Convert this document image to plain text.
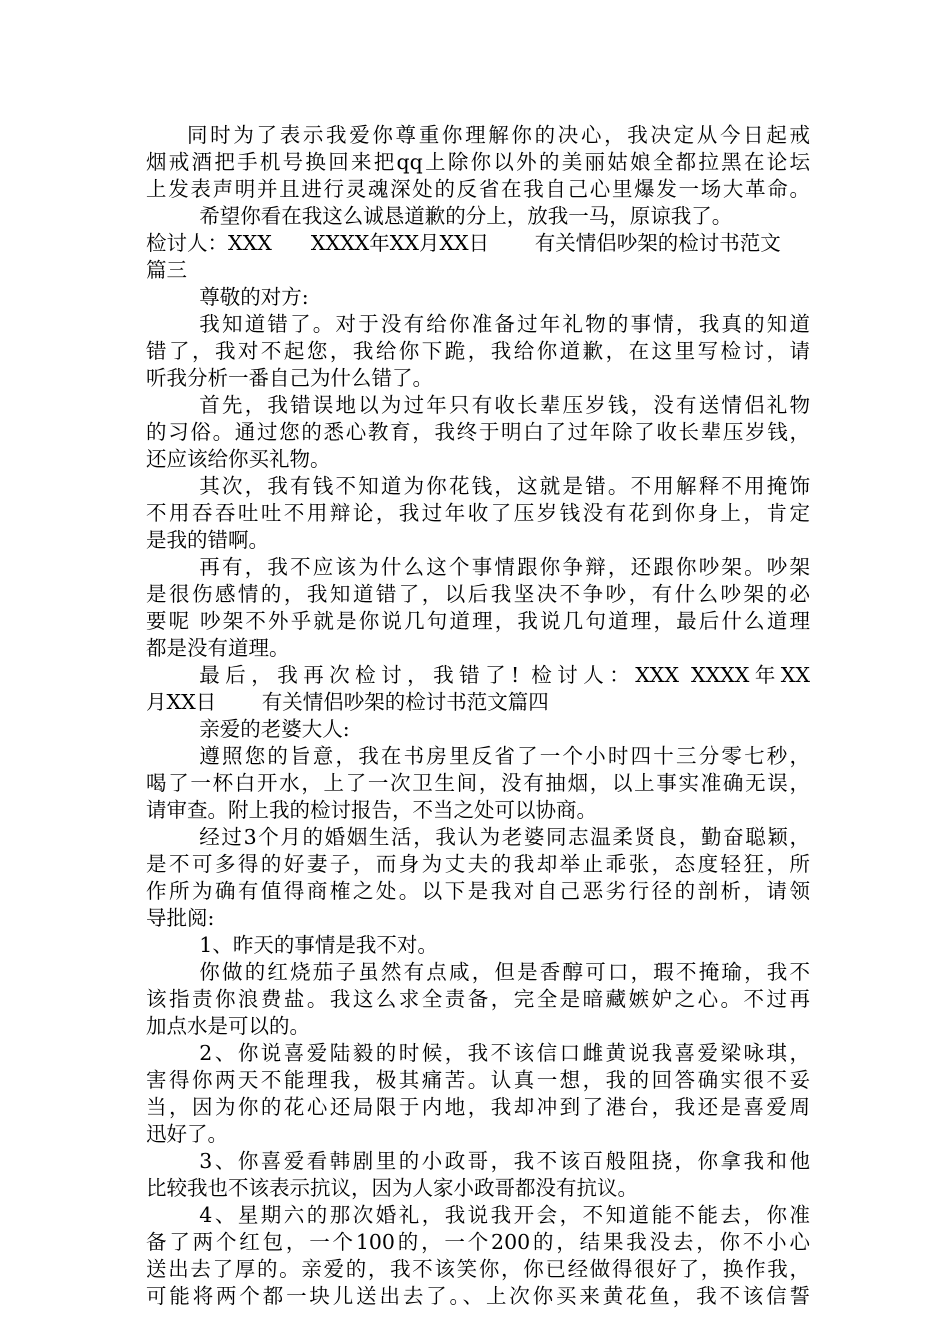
同时为了表示我爱你尊重你理解你的决心，我决定从今日起戒
烟戒酒把手机号换回来把qq上除你以外的美丽姑娘全都拉黑在论坛
上发表声明并且进行灵魂深处的反省在我自己心里爆发一场大革命。
希望你看在我这么诚恳道歉的分上，放我一马，原谅我了。
检讨人：XXX      XXXX年XX月XX日       有关情侣吵架的检讨书范文
篇三
尊敬的对方:
我知道错了。对于没有给你准备过年礼物的事情，我真的知道
错了，我对不起您，我给你下跪，我给你道歉，在这里写检讨，请
听我分析一番自己为什么错了。
首先，我错误地以为过年只有收长辈压岁钱，没有送情侣礼物
的习俗。通过您的悉心教育，我终于明白了过年除了收长辈压岁钱，
还应该给你买礼物。
其次，我有钱不知道为你花钱，这就是错。不用解释不用掩饰
不用吞吞吐吐不用辩论，我过年收了压岁钱没有花到你身上，肯定
是我的错啊。
再有，我不应该为什么这个事情跟你争辩，还跟你吵架。吵架
是很伤感情的，我知道错了，以后我坚决不争吵，有什么吵架的必
要呢 吵架不外乎就是你说几句道理，我说几句道理，最后什么道理
都是没有道理。
最后，我再次检讨，我错了! 检讨人：XXX XXXX年XX
月XX日       有关情侣吵架的检讨书范文篇四
亲爱的老婆大人:
遵照您的旨意，我在书房里反省了一个小时四十三分零七秒，
喝了一杯白开水，上了一次卫生间，没有抽烟，以上事实准确无误，
请审查。附上我的检讨报告，不当之处可以协商。
经过3个月的婚姻生活，我认为老婆同志温柔贤良，勤奋聪颖，
是不可多得的好妻子，而身为丈夫的我却举止乖张，态度轻狂，所
作所为确有值得商榷之处。以下是我对自己恶劣行径的剖析，请领
导批阅:
1、昨天的事情是我不对。
你做的红烧茄子虽然有点咸，但是香醇可口，瑕不掩瑜，我不
该指责你浪费盐。我这么求全责备，完全是暗藏嫉妒之心。不过再
加点水是可以的。
2、你说喜爱陆毅的时候，我不该信口雌黄说我喜爱梁咏琪，
害得你两天不能理我，极其痛苦。认真一想，我的回答确实很不妥
当，因为你的花心还局限于内地，我却冲到了港台，我还是喜爱周
迅好了。
3、你喜爱看韩剧里的小政哥，我不该百般阻挠，你拿我和他
比较我也不该表示抗议，因为人家小政哥都没有抗议。
4、星期六的那次婚礼，我说我开会，不知道能不能去，你准
备了两个红包，一个100的，一个200的，结果我没去，你不小心
送出去了厚的。亲爱的，我不该笑你，你已经做得很好了，换作我，
可能将两个都一块儿送出去了。、上次你买来黄花鱼，我不该信誓
